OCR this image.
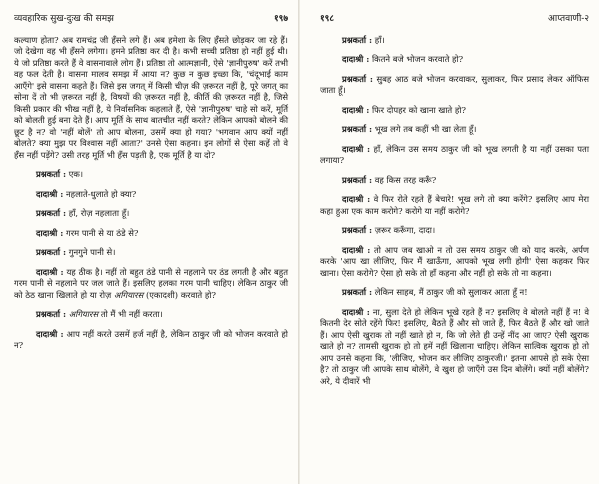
व्यवहारिक सुख-दुःख की समझ	१९७
कल्याण होता? अब रामचंद्र जी हँसने लगे हैं। अब हमेशा के लिए हँसते छोड़कर जा रहे हैं। जो देखेगा वह भी हँसने लगेगा। हमने प्रतिष्ठा कर दी है। कभी सच्ची प्रतिष्ठा हो नहीं हुई थी। ये जो प्रतिष्ठा करते हैं वे वासनावाले लोग हैं। प्रतिष्ठा तो आत्मज्ञानी, ऐसे 'ज्ञानीपुरुष' करें तभी वह फल देती है। वासना मालव समझ में आया न? कुछ न कुछ इच्छा कि, 'चंदूभाई काम आएँगे' इसे वासना कहते हैं। जिसे इस जगत् में किसी चीज़ की ज़रूरत नहीं है, पूरे जगत् का सोना दें तो भी ज़रूरत नहीं है, विषयों की ज़रूरत नहीं है, कीर्ति की ज़रूरत नहीं है, जिसे किसी प्रकार की भीख नहीं है, ये निर्वासनिक कहलाते हैं, ऐसे 'ज्ञानीपुरुष' चाहे सो करें, मूर्ति को बोलती हुई बना देते हैं। आप मूर्ति के साथ बातचीत नहीं करते? लेकिन आपको बोलने की छूट है न? वो 'नहीं बोलें' तो आप बोलना, उसमें क्या हो गया? 'भगवान आप क्यों नहीं बोलते? क्या मुझ पर विश्वास नहीं आता?' उनसे ऐसा कहना। इन लोगों से ऐसा कहें तो वे हँस नहीं पड़ेंगे? उसी तरह मूर्ति भी हँस पड़ती है, एक मूर्ति है या दो?
प्रश्नकर्ता : एक।
दादाश्री : नहलाते-धुलाते हो क्या?
प्रश्नकर्ता : हाँ, रोज़ नहलाता हूँ।
दादाश्री : गरम पानी से या ठंडे से?
प्रश्नकर्ता : गुनगुने पानी से।
दादाश्री : यह ठीक है। नहीं तो बहुत ठंडे पानी से नहलाने पर ठंड लगती है और बहुत गरम पानी से नहलाने पर जल जाते हैं। इसलिए हलका गरम पानी चाहिए। लेकिन ठाकुर जी को ठेठ खाना खिलाते हो या रोज़ अगियारस (एकादशी) करवाते हो?
प्रश्नकर्ता : अगियारस तो मैं भी नहीं करता।
दादाश्री : आप नहीं करते उसमें हर्ज नहीं है, लेकिन ठाकुर जी को भोजन करवाते हो न?
१९८	आप्तवाणी-२
प्रश्नकर्ता : हाँ।
दादाश्री : कितने बजे भोजन करवाते हो?
प्रश्नकर्ता : सुबह आठ बजे भोजन करवाकर, सुलाकर, फिर प्रसाद लेकर ऑफिस जाता हूँ।
दादाश्री : फिर दोपहर को खाना खाते हो?
प्रश्नकर्ता : भूख लगे तब कहीं भी खा लेता हूँ।
दादाश्री : हाँ, लेकिन उस समय ठाकुर जी को भूख लगती है या नहीं उसका पता लगाया?
प्रश्नकर्ता : वह किस तरह करूँ?
दादाश्री : वे फिर रोते रहते हैं बेचारे! भूख लगे तो क्या करेंगे? इसलिए आप मेरा कहा हुआ एक काम करोगे? करोगे या नहीं करोगे?
प्रश्नकर्ता : ज़रूर करूँगा, दादा।
दादाश्री : तो आप जब खाओ न तो उस समय ठाकुर जी को याद करके, अर्पण करके 'आप खा लीजिए, फिर मैं खाऊँगा, आपको भूख लगी होगी' ऐसा कहकर फिर खाना। ऐसा करोगे? ऐसा हो सके तो हाँ कहना और नहीं हो सके तो ना कहना।
प्रश्नकर्ता : लेकिन साहब, मैं ठाकुर जी को सुलाकर आता हूँ न!
दादाश्री : ना, सुला देते हो लेकिन भूखे रहते हैं न? इसलिए वे बोलते नहीं हैं न! वे कितनी देर सोते रहेंगे फिर! इसलिए, बैठते हैं और सो जाते हैं, फिर बैठते हैं और खो जाते हैं। आप ऐसी खुराक तो नहीं खाते हो न, कि जो लेते ही उन्हें नींद आ जाए? ऐसी खुराक खाते हो न? तामसी खुराक हो तो हमें नहीं खिलाना चाहिए। लेकिन सात्विक खुराक हो तो आप उनसे कहना कि, 'लीजिए, भोजन कर लीजिए ठाकुरजी।' इतना आपसे हो सके ऐसा है? तो ठाकुर जी आपके साथ बोलेंगे, वे खुश हो जाएँगे उस दिन बोलेंगे। क्यों नहीं बोलेंगे? अरे, ये दीवारें भी
